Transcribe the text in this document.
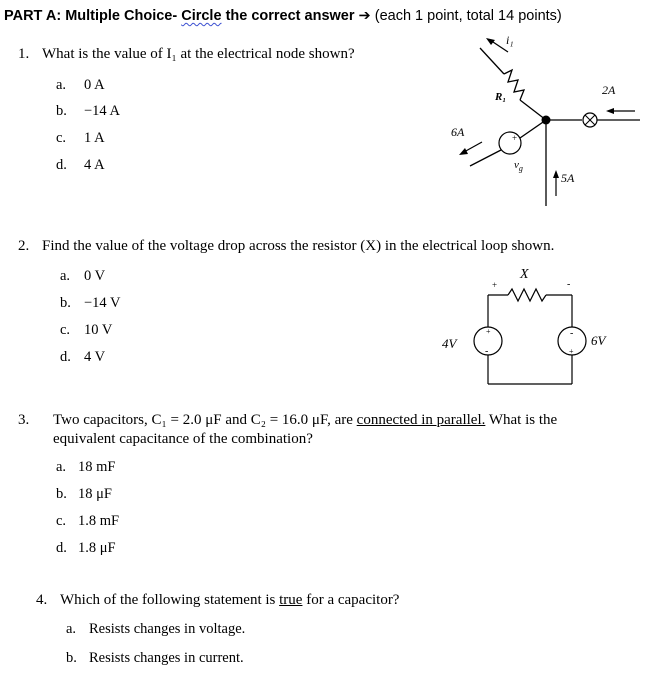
PART A: Multiple Choice- Circle the correct answer ➔ (each 1 point, total 14 points)
1. What is the value of I₁ at the electrical node shown?
a. 0 A
b. −14 A
c. 1 A
d. 4 A
i₁
R₁	2A
+
$v_g$
6A
5A
2. Find the value of the voltage drop across the resistor (X) in the electrical loop shown.
a. 0 V
b. −14 V
c. 10 V
d. 4 V
X
+	-
+
-
4V
-
+
6V
3. Two capacitors, C₁ = 2.0 μF and C₂ = 16.0 μF, are connected in parallel. What is the
equivalent capacitance of the combination?
a. 18 mF
b. 18 μF
c. 1.8 mF
d. 1.8 μF
4. Which of the following statement is true for a capacitor?
a. Resists changes in voltage.
b. Resists changes in current.
